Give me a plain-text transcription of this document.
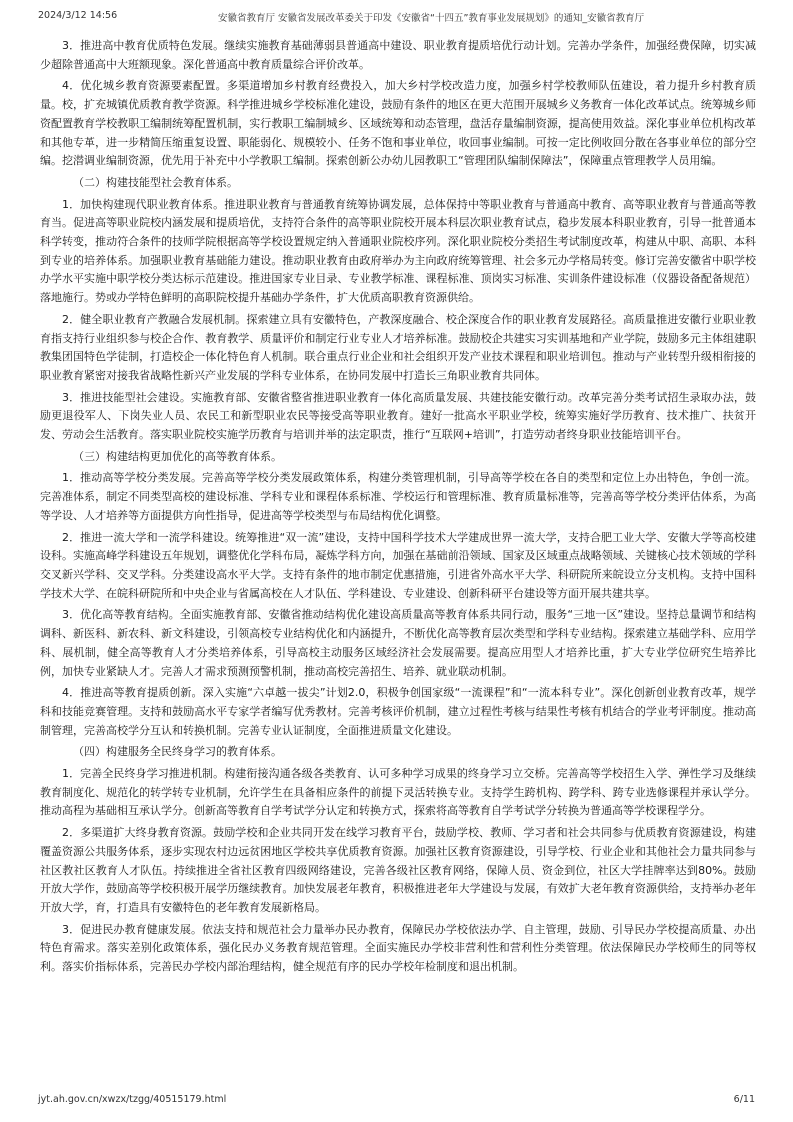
2024/3/12 14:56	安徽省教育厅 安徽省发展改革委关于印发《安徽省“十四五”教育事业发展规划》的通知_安徽省教育厅

3．推进高中教育优质特色发展。继续实施教育基础薄弱县普通高中建设、职业教育提质培优行动计划。完善办学条件，加强经费保障，切实减少超除普通高中大班额现象。深化普通高中教育质量综合评价改革。

4．优化城乡教育资源要素配置。多渠道增加乡村教育经费投入，加大乡村学校改造力度，加强乡村学校教师队伍建设，着力提升乡村教育质量。校，扩充城镇优质教育教学资源。科学推进城乡学校标准化建设，鼓励有条件的地区在更大范围开展城乡义务教育一体化改革试点。统筹城乡师资配置教育学校教职工编制统筹配置机制，实行教职工编制城乡、区域统筹和动态管理，盘活存量编制资源，提高使用效益。深化事业单位机构改革和其他专革，进一步精简压缩重复设置、职能弱化、规模较小、任务不饱和事业单位，收回事业编制。可按一定比例收回分散在各事业单位的部分空编。挖潜调业编制资源，优先用于补充中小学教职工编制。探索创新公办幼儿园教职工“管理团队编制保障法”，保障重点管理教学人员用编。

（二）构建技能型社会教育体系。

1．加快构建现代职业教育体系。推进职业教育与普通教育统筹协调发展，总体保持中等职业教育与普通高中教育、高等职业教育与普通高等教育当。促进高等职业院校内涵发展和提质培优，支持符合条件的高等职业院校开展本科层次职业教育试点，稳步发展本科职业教育，引导一批普通本科学转变，推动符合条件的技师学院根据高等学校设置规定纳入普通职业院校序列。深化职业院校分类招生考试制度改革，构建从中职、高职、本科到专业的培养体系。加强职业教育基础能力建设。推动职业教育由政府举办为主向政府统筹管理、社会多元办学格局转变。修订完善安徽省中职学校办学水平实施中职学校分类达标示范建设。推进国家专业目录、专业教学标准、课程标准、顶岗实习标准、实训条件建设标准（仪器设备配备规范）落地施行。势或办学特色鲜明的高职院校提升基础办学条件，扩大优质高职教育资源供给。

2．健全职业教育产教融合发展机制。探索建立具有安徽特色，产教深度融合、校企深度合作的职业教育发展路径。高质量推进安徽行业职业教育指支持行业组织参与校企合作、教育教学、质量评价和制定行业专业人才培养标准。鼓励校企共建实习实训基地和产业学院，鼓励多元主体组建职教集团国特色学徒制，打造校企一体化特色育人机制。联合重点行业企业和社会组织开发产业技术课程和职业培训包。推动与产业转型升级相衔接的职业教育紧密对接我省战略性新兴产业发展的学科专业体系，在协同发展中打造长三角职业教育共同体。

3．推进技能型社会建设。实施教育部、安徽省整省推进职业教育一体化高质量发展、共建技能安徽行动。改革完善分类考试招生录取办法，鼓励更退役军人、下岗失业人员、农民工和新型职业农民等接受高等职业教育。建好一批高水平职业学校，统筹实施好学历教育、技术推广、扶贫开发、劳动会生活教育。落实职业院校实施学历教育与培训并举的法定职责，推行“互联网+培训”，打造劳动者终身职业技能培训平台。

（三）构建结构更加优化的高等教育体系。

1．推动高等学校分类发展。完善高等学校分类发展政策体系，构建分类管理机制，引导高等学校在各自的类型和定位上办出特色，争创一流。完善准体系，制定不同类型高校的建设标准、学科专业和课程体系标准、学校运行和管理标准、教育质量标准等，完善高等学校分类评估体系，为高等学设、人才培养等方面提供方向性指导，促进高等学校类型与布局结构优化调整。

2．推进一流大学和一流学科建设。统筹推进“双一流”建设，支持中国科学技术大学建成世界一流大学，支持合肥工业大学、安徽大学等高校建设科。实施高峰学科建设五年规划，调整优化学科布局，凝炼学科方向，加强在基础前沿领域、国家及区域重点战略领域、关键核心技术领域的学科交叉新兴学科、交叉学科。分类建设高水平大学。支持有条件的地市制定优惠措施，引进省外高水平大学、科研院所来皖设立分支机构。支持中国科学技术大学、在皖科研院所和中央企业与省属高校在人才队伍、学科建设、专业建设、创新科研平台建设等方面开展共建共享。

3．优化高等教育结构。全面实施教育部、安徽省推动结构优化建设高质量高等教育体系共同行动，服务“三地一区”建设。坚持总量调节和结构调科、新医科、新农科、新文科建设，引领高校专业结构优化和内涵提升，不断优化高等教育层次类型和学科专业结构。探索建立基础学科、应用学科、展机制，健全高等教育人才分类培养体系，引导高校主动服务区域经济社会发展需要。提高应用型人才培养比重，扩大专业学位研究生培养比例，加快专业紧缺人才。完善人才需求预测预警机制，推动高校完善招生、培养、就业联动机制。

4．推进高等教育提质创新。深入实施“六卓越一拔尖”计划2.0，积极争创国家级“一流课程”和“一流本科专业”。深化创新创业教育改革，规学科和技能竞赛管理。支持和鼓励高水平专家学者编写优秀教材。完善考核评价机制，建立过程性考核与结果性考核有机结合的学业考评制度。推动高制管理，完善高校学分互认和转换机制。完善专业认证制度，全面推进质量文化建设。

（四）构建服务全民终身学习的教育体系。

1．完善全民终身学习推进机制。构建衔接沟通各级各类教育、认可多种学习成果的终身学习立交桥。完善高等学校招生入学、弹性学习及继续教育制度化、规范化的转学转专业机制，允许学生在具备相应条件的前提下灵活转换专业。支持学生跨机构、跨学科、跨专业选修课程并承认学分。推动高程为基础相互承认学分。创新高等教育自学考试学分认定和转换方式，探索将高等教育自学考试学分转换为普通高等学校课程学分。

2．多渠道扩大终身教育资源。鼓励学校和企业共同开发在线学习教育平台，鼓励学校、教师、学习者和社会共同参与优质教育资源建设，构建覆盖资源公共服务体系，逐步实现农村边远贫困地区学校共享优质教育资源。加强社区教育资源建设，引导学校、行业企业和其他社会力量共同参与社区教社区教育人才队伍。持续推进全省社区教育四级网络建设，完善各级社区教育网络，保障人员、资金到位，社区大学挂牌率达到80%。鼓励开放大学作，鼓励高等学校积极开展学历继续教育。加快发展老年教育，积极推进老年大学建设与发展，有效扩大老年教育资源供给，支持举办老年开放大学，育，打造具有安徽特色的老年教育发展新格局。

3．促进民办教育健康发展。依法支持和规范社会力量举办民办教育，保障民办学校依法办学、自主管理，鼓励、引导民办学校提高质量、办出特色育需求。落实差别化政策体系，强化民办义务教育规范管理。全面实施民办学校非营利性和营利性分类管理。依法保障民办学校师生的同等权利。落实价指标体系，完善民办学校内部治理结构，健全规范有序的民办学校年检制度和退出机制。

jyt.ah.gov.cn/xwzx/tzgg/40515179.html	6/11
